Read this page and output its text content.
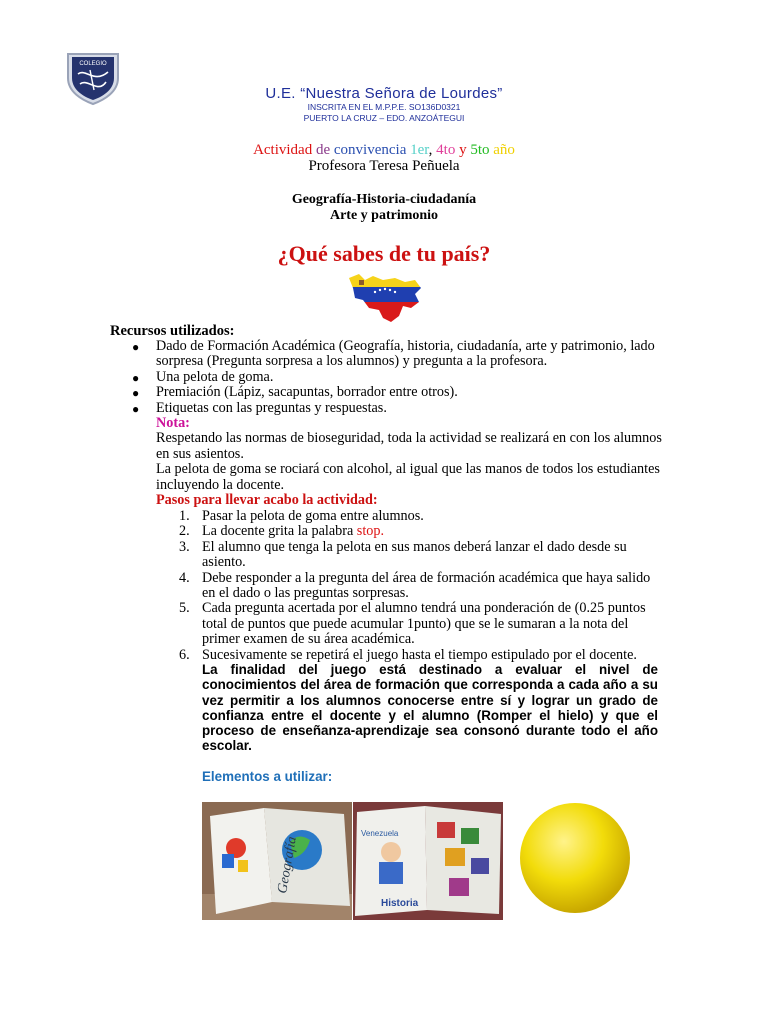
COLEGIO
U.E. “Nuestra Señora de Lourdes”
INSCRITA EN EL M.P.P.E. SO136D0321
PUERTO LA CRUZ – EDO. ANZOÁTEGUI
Actividad de convivencia 1er, 4to y 5to año
Profesora Teresa Peñuela
Geografía-Historia-ciudadanía
Arte y patrimonio
¿Qué sabes de tu país?
Recursos utilizados:
● Dado de Formación Académica (Geografía, historia, ciudadanía, arte y patrimonio, lado sorpresa (Pregunta sorpresa a los alumnos) y pregunta a la profesora.
● Una pelota de goma.
● Premiación (Lápiz, sacapuntas, borrador entre otros).
● Etiquetas con las preguntas y respuestas.
Nota:
Respetando las normas de bioseguridad, toda la actividad se realizará en con los alumnos en sus asientos.
La pelota de goma se rociará con alcohol, al igual que las manos de todos los estudiantes incluyendo la docente.
Pasos para llevar acabo la actividad:
1. Pasar la pelota de goma entre alumnos.
2. La docente grita la palabra stop.
3. El alumno que tenga la pelota en sus manos deberá lanzar el dado desde su asiento.
4. Debe responder a la pregunta del área de formación académica que haya salido en el dado o las preguntas sorpresas.
5. Cada pregunta acertada por el alumno tendrá una ponderación de (0.25 puntos total de puntos que puede acumular 1punto) que se le sumaran a la nota del primer examen de su área académica.
6. Sucesivamente se repetirá el juego hasta el tiempo estipulado por el docente.
La finalidad del juego está destinado a evaluar el nivel de conocimientos del área de formación que corresponda a cada año a su vez permitir a los alumnos conocerse entre sí y lograr un grado de confianza entre el docente y el alumno (Romper el hielo) y que el proceso de enseñanza-aprendizaje sea consonó durante todo el año escolar.
Elementos a utilizar:
Geografía
Venezuela
Historia
